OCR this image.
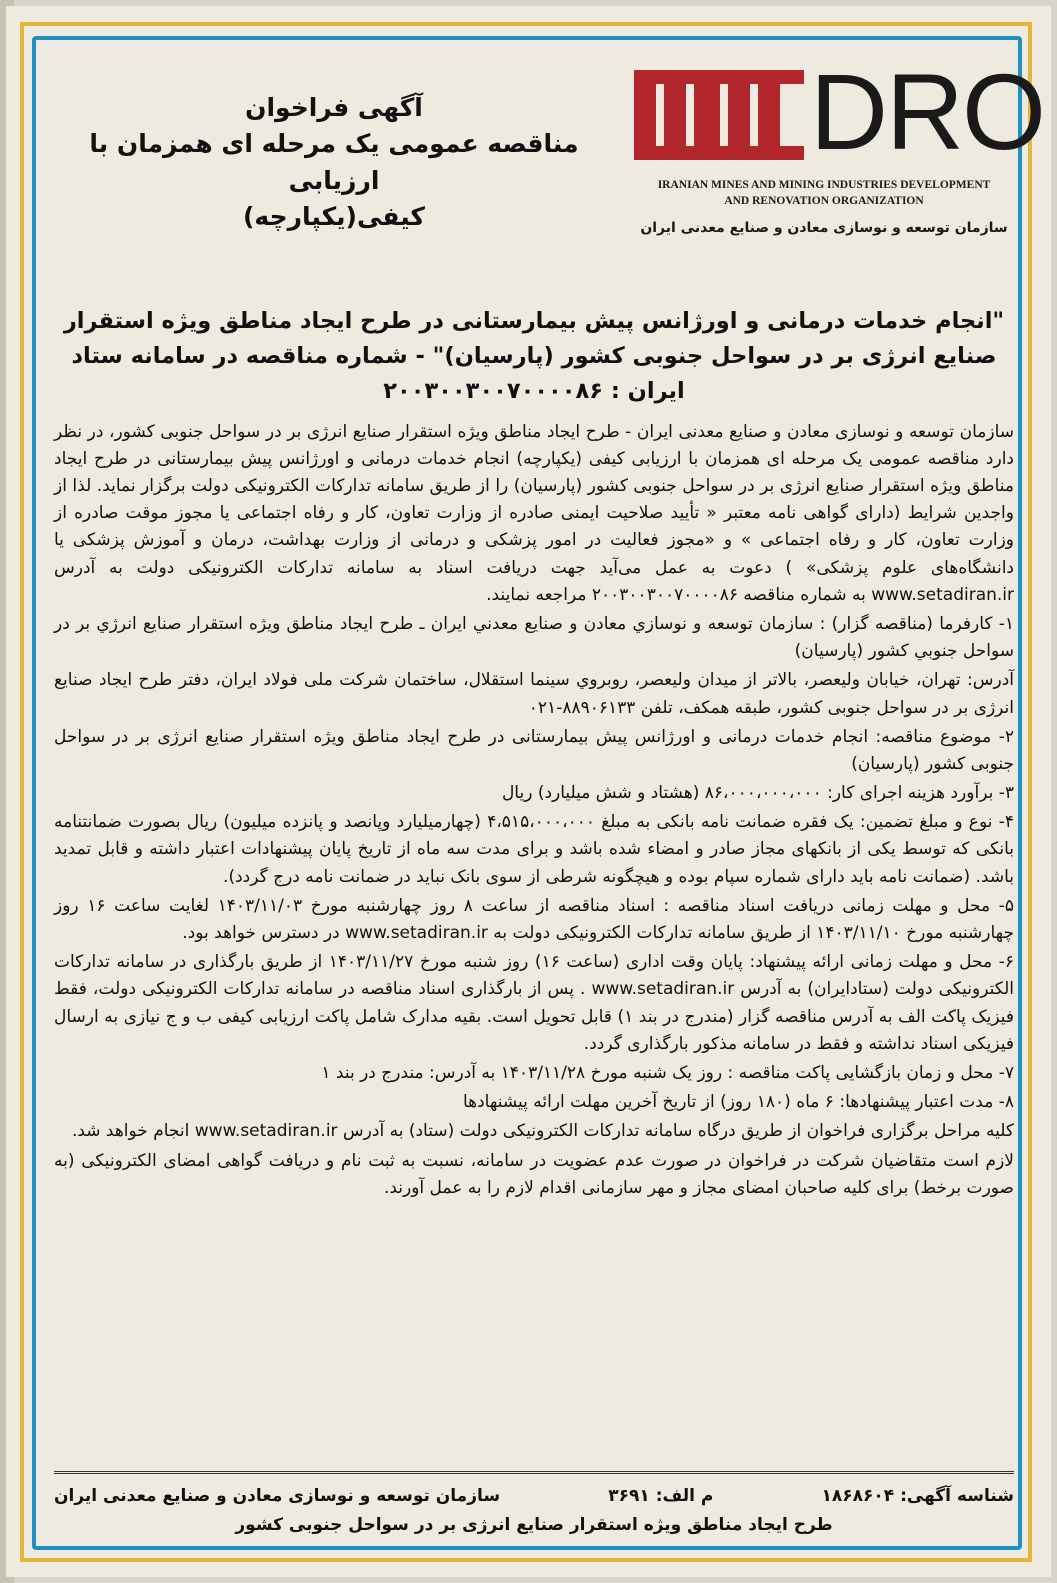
DRO
IRANIAN MINES AND MINING INDUSTRIES DEVELOPMENT
AND RENOVATION ORGANIZATION
سازمان توسعه و نوسازی معادن و صنایع معدنی ایران
آگهی فراخوان
مناقصه عمومی یک مرحله ای همزمان با ارزیابی
کیفی(یکپارچه)
"انجام خدمات درمانی و اورژانس پیش بیمارستانی در طرح ایجاد مناطق ویژه استقرار صنایع انرژی بر در سواحل جنوبی کشور (پارسیان)" - شماره مناقصه در سامانه ستاد ایران : ۲۰۰۳۰۰۳۰۰۷۰۰۰۰۸۶

سازمان توسعه و نوسازی معادن و صنایع معدنی ایران - طرح ایجاد مناطق ویژه استقرار صنایع انرژی بر در سواحل جنوبی کشور، در نظر دارد مناقصه عمومی یک مرحله ای همزمان با ارزیابی کیفی (یکپارچه) انجام خدمات درمانی و اورژانس پیش بیمارستانی در طرح ایجاد مناطق ویژه استقرار صنایع انرژی بر در سواحل جنوبی کشور (پارسیان) را از طریق سامانه تدارکات الکترونیکی دولت برگزار نماید. لذا از واجدین شرایط (دارای گواهی نامه معتبر « تأیید صلاحیت ایمنی صادره از وزارت تعاون، کار و رفاه اجتماعی یا مجوز موقت صادره از وزارت تعاون، کار و رفاه اجتماعی » و «مجوز فعالیت در امور پزشکی و درمانی از وزارت بهداشت، درمان و آموزش پزشکی یا دانشگاه‌های علوم پزشکی» ) دعوت به عمل می‌آید جهت دریافت اسناد به سامانه تدارکات الکترونیکی دولت به آدرس www.setadiran.ir به شماره مناقصه ۲۰۰۳۰۰۳۰۰۷۰۰۰۰۸۶ مراجعه نمایند.

۱- کارفرما (مناقصه گزار) : سازمان توسعه و نوسازي معادن و صنايع معدني ايران ـ طرح ايجاد مناطق ويژه استقرار صنايع انرژي بر در سواحل جنوبي كشور (پارسيان)

آدرس: تهران، خيابان وليعصر، بالاتر از ميدان وليعصر، روبروي سينما استقلال، ساختمان شركت ملی فولاد ايران، دفتر طرح ايجاد صنايع انرژی بر در سواحل جنوبی كشور، طبقه همكف، تلفن ۸۸۹۰۶۱۳۳-۰۲۱

۲- موضوع مناقصه: انجام خدمات درمانی و اورژانس پیش بیمارستانی در طرح ایجاد مناطق ویژه استقرار صنایع انرژی بر در سواحل جنوبی کشور (پارسیان)

۳- برآورد هزینه اجرای کار: ۸۶،۰۰۰،۰۰۰،۰۰۰ (هشتاد و شش میلیارد) ریال

۴- نوع و مبلغ تضمین: یک فقره ضمانت نامه بانکی به مبلغ ۴،۵۱۵،۰۰۰،۰۰۰ (چهارمیلیارد وپانصد و پانزده میلیون) ریال بصورت ضمانتنامه بانکی که توسط یکی از بانکهای مجاز صادر و امضاء شده باشد و برای مدت سه ماه از تاریخ پایان پیشنهادات اعتبار داشته و قابل تمدید باشد. (ضمانت نامه باید دارای شماره سپام بوده و هیچگونه شرطی از سوی بانک نباید در ضمانت نامه درج گردد).

۵- محل و مهلت زمانی دریافت اسناد مناقصه : اسناد مناقصه از ساعت ۸ روز چهارشنبه مورخ ۱۴۰۳/۱۱/۰۳ لغایت ساعت ۱۶ روز چهارشنبه مورخ ۱۴۰۳/۱۱/۱۰ از طریق سامانه تدارکات الکترونیکی دولت به www.setadiran.ir در دسترس خواهد بود.

۶- محل و مهلت زمانی ارائه پیشنهاد: پایان وقت اداری (ساعت ۱۶) روز شنبه مورخ ۱۴۰۳/۱۱/۲۷ از طریق بارگذاری در سامانه تدارکات الکترونیکی دولت (ستادایران) به آدرس www.setadiran.ir . پس از بارگذاری اسناد مناقصه در سامانه تدارکات الکترونیکی دولت، فقط فیزیک پاکت الف به آدرس مناقصه گزار (مندرج در بند ۱) قابل تحویل است. بقیه مدارک شامل پاکت ارزیابی کیفی ب و ج نیازی به ارسال فیزیکی اسناد نداشته و فقط در سامانه مذکور بارگذاری گردد.

۷- محل و زمان بازگشایی پاکت مناقصه : روز یک شنبه مورخ ۱۴۰۳/۱۱/۲۸ به آدرس: مندرج در بند ۱

۸- مدت اعتبار پیشنهادها: ۶ ماه (۱۸۰ روز) از تاریخ آخرین مهلت ارائه پیشنهادها

کلیه مراحل برگزاری فراخوان از طریق درگاه سامانه تدارکات الکترونیکی دولت (ستاد) به آدرس www.setadiran.ir انجام خواهد شد.

لازم است متقاضیان شرکت در فراخوان در صورت عدم عضویت در سامانه، نسبت به ثبت نام و دریافت گواهی امضای الکترونیکی (به صورت برخط) برای کلیه صاحبان امضای مجاز و مهر سازمانی اقدام لازم را به عمل آورند.

شناسه آگهی: ۱۸۶۸۶۰۴
م الف: ۳۶۹۱
سازمان توسعه و نوسازی معادن و صنایع معدنی ایران
طرح ایجاد مناطق ویژه استقرار صنایع انرژی بر در سواحل جنوبی کشور
